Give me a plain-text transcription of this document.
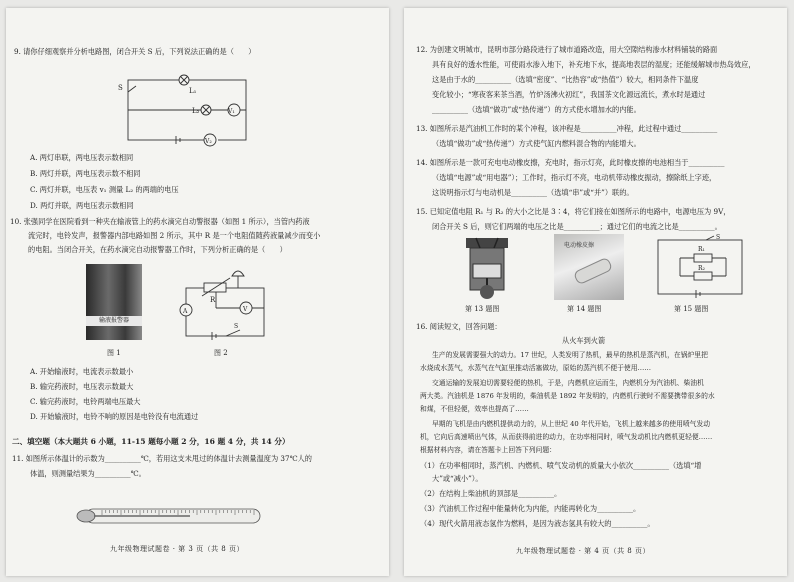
9. 请你仔细观察并分析电路图，闭合开关 S 后，下列说法正确的是（　　）
S	L₁
L₂	V₁
V₂
A. 两灯串联，两电压表示数相同
B. 两灯并联，两电压表示数不相同
C. 两灯并联，电压表 v₁ 测量 L₂ 的两端的电压
D. 两灯并联，两电压表示数相同
10. 张强同学在医院看到一种夹在输液管上的药水滴完自动警报器（如图 1 所示），当管内药液
流完时，电铃发声，报警器内部电路如图 2 所示，其中 R 是一个电阻值随药液量减少而变小
的电阻。当闭合开关，在药水滴完自动报警器工作时，下列分析正确的是（　　）
输液报警器
图 1
A	V
R
S
图 2
A. 开始输液时，电流表示数最小
B. 输完药液时，电压表示数最大
C. 输完药液时，电铃两端电压最大
D. 开始输液时，电铃不响的原因是电铃没有电流通过
二、填空题（本大题共 6 小题，11-15 题每小题 2 分，16 题 4 分，共 14 分）
11. 如图所示体温计的示数为__________℃，若用这支未甩过的体温计去测量温度为 37℃人的
体温，则测量结果为__________℃。
九年级物理试题卷 · 第 3 页（共 8 页）
12. 为创建文明城市，昆明市部分路段进行了城市道路改造，用大空隙结构渗水材料铺装的路面
具有良好的透水性能，可使雨水渗入地下，补充地下水，提高地表层的湿度；还能缓解城市热岛效应，
这是由于水的__________（选填“密度”、“比热容”或“热值”）较大，相同条件下温度
变化较小；“寒夜客来茶当酒，竹炉汤沸火初红”，我国茶文化源远流长，煮水时是通过
__________（选填“做功”或“热传递”）的方式使水增加水的内能。
13. 如图所示是汽油机工作时的某个冲程，该冲程是__________冲程，此过程中通过__________
（选填“做功”或“热传递”）方式使气缸内燃料混合物的内能增大。
14. 如图所示是一款可充电电动橡皮擦，充电时，指示灯亮，此时橡皮擦的电池相当于__________
（选填“电源”或“用电器”）；工作时，指示灯不亮，电动机带动橡皮振动，擦除纸上字迹，
这说明指示灯与电动机是__________（选填“串”或“并”）联的。
15. 已知定值电阻 R₁ 与 R₂ 的大小之比是 3∶4，将它们接在如图所示的电路中，电源电压为 9V，
闭合开关 S 后，则它们两端的电压之比是__________；通过它们的电流之比是__________。
第 13 题图
电动橡皮擦
第 14 题图
R₁
R₂
S
第 15 题图
16. 阅读短文，回答问题：
从火车到火箭
生产的发展需要强大的动力。17 世纪，人类发明了热机，最早的热机是蒸汽机，在锅炉里把
水烧成水蒸气，水蒸气在气缸里推动活塞做功，原始的蒸汽机不便于使用……
交通运输的发展迫切需要轻便的热机，于是，内燃机应运而生，内燃机分为汽油机、柴油机
两大类。汽油机是 1876 年发明的，柴油机是 1892 年发明的，内燃机行驶时不需要携带很多的水
和煤，不但轻便，效率也提高了……
早期的飞机是由内燃机提供动力的，从上世纪 40 年代开始，飞机上越来越多的使用喷气发动
机，它向后高速喷出气体，从而获得前进的动力，在功率相同时，喷气发动机比内燃机更轻便……
根据材料内容，请在答题卡上回答下列问题：
（1）在功率相同时，蒸汽机、内燃机、喷气发动机的质量大小依次__________（选填“增
大”或“减小”）。
（2）在结构上柴油机的顶部是__________。
（3）汽油机工作过程中能量转化为内能，内能再转化为__________。
（4）现代火箭用液态氢作为燃料，是因为液态氢具有较大的__________。
九年级物理试题卷 · 第 4 页（共 8 页）
